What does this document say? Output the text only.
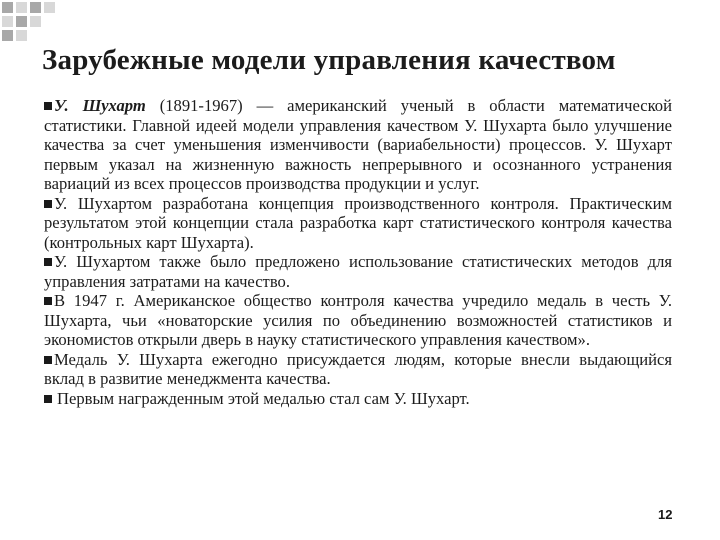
Зарубежные модели управления качеством

У. Шухарт (1891-1967) — американский ученый в области математической статистики. Главной идеей модели управления качеством У. Шухарта было улучшение качества за счет уменьшения изменчивости (вариабельности) процессов. У. Шухарт первым указал на жизненную важность непрерывного и осознанного устранения вариаций из всех процессов производства продукции и услуг.

У. Шухартом разработана концепция производственного контроля. Практическим результатом этой концепции стала разработка карт статистического контроля качества (контрольных карт Шухарта).

У. Шухартом также было предложено использование статистических методов для управления затратами на качество.

В 1947 г. Американское общество контроля качества учредило медаль в честь У. Шухарта, чьи «новаторские усилия по объединению возможностей статистиков и экономистов открыли дверь в науку статистического управления качеством».

Медаль У. Шухарта ежегодно присуждается людям, которые внесли выдающийся вклад в развитие менеджмента качества.

Первым награжденным этой медалью стал сам У. Шухарт.

12
